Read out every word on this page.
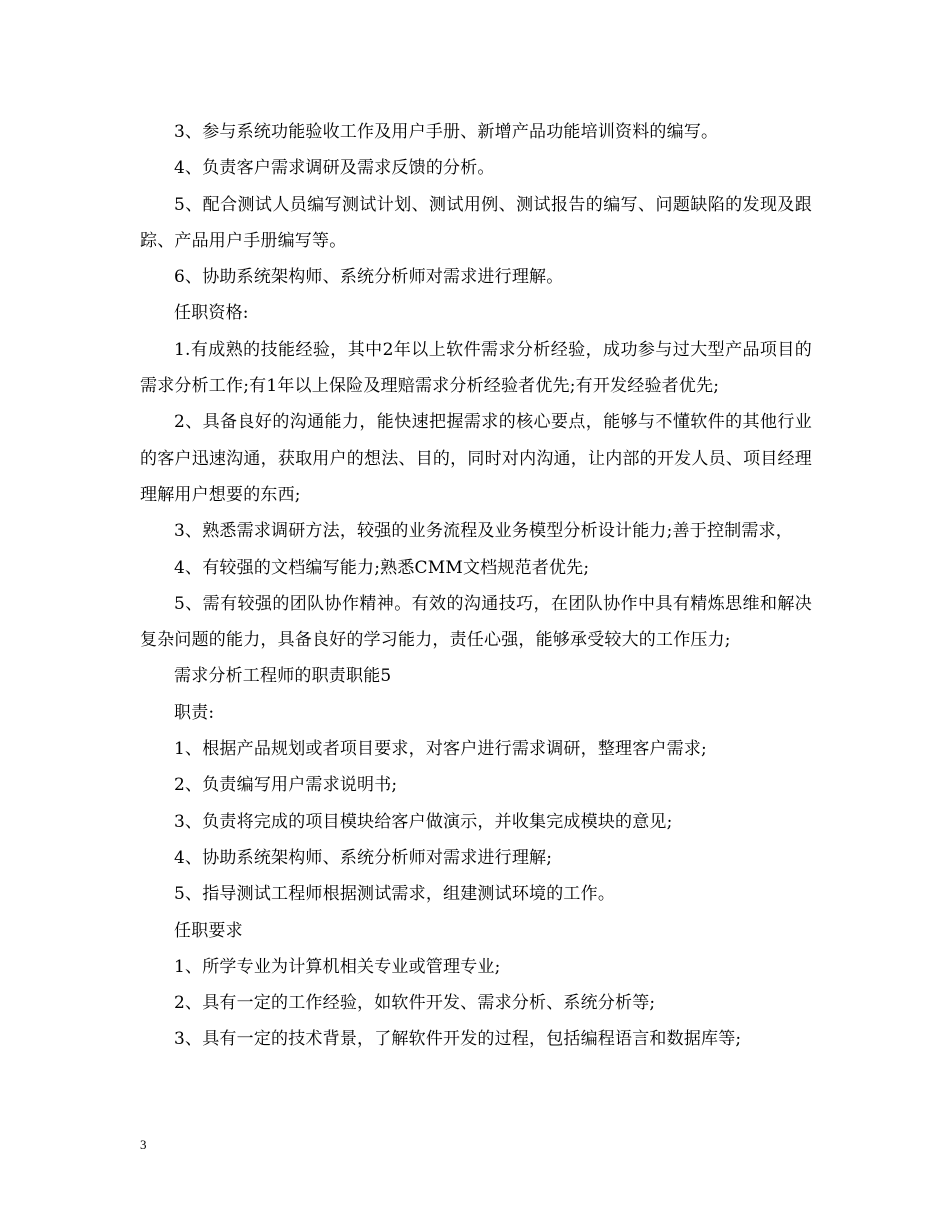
3、参与系统功能验收工作及用户手册、新增产品功能培训资料的编写。

4、负责客户需求调研及需求反馈的分析。

5、配合测试人员编写测试计划、测试用例、测试报告的编写、问题缺陷的发现及跟踪、产品用户手册编写等。

6、协助系统架构师、系统分析师对需求进行理解。

任职资格:

1.有成熟的技能经验，其中2年以上软件需求分析经验，成功参与过大型产品项目的需求分析工作;有1年以上保险及理赔需求分析经验者优先;有开发经验者优先;

2、具备良好的沟通能力，能快速把握需求的核心要点，能够与不懂软件的其他行业的客户迅速沟通，获取用户的想法、目的，同时对内沟通，让内部的开发人员、项目经理理解用户想要的东西;

3、熟悉需求调研方法，较强的业务流程及业务模型分析设计能力;善于控制需求，

4、有较强的文档编写能力;熟悉CMM文档规范者优先;

5、需有较强的团队协作精神。有效的沟通技巧，在团队协作中具有精炼思维和解决复杂问题的能力，具备良好的学习能力，责任心强，能够承受较大的工作压力;

需求分析工程师的职责职能5

职责:

1、根据产品规划或者项目要求，对客户进行需求调研，整理客户需求;

2、负责编写用户需求说明书;

3、负责将完成的项目模块给客户做演示，并收集完成模块的意见;

4、协助系统架构师、系统分析师对需求进行理解;

5、指导测试工程师根据测试需求，组建测试环境的工作。

任职要求

1、所学专业为计算机相关专业或管理专业;

2、具有一定的工作经验，如软件开发、需求分析、系统分析等;

3、具有一定的技术背景，了解软件开发的过程，包括编程语言和数据库等;

3
